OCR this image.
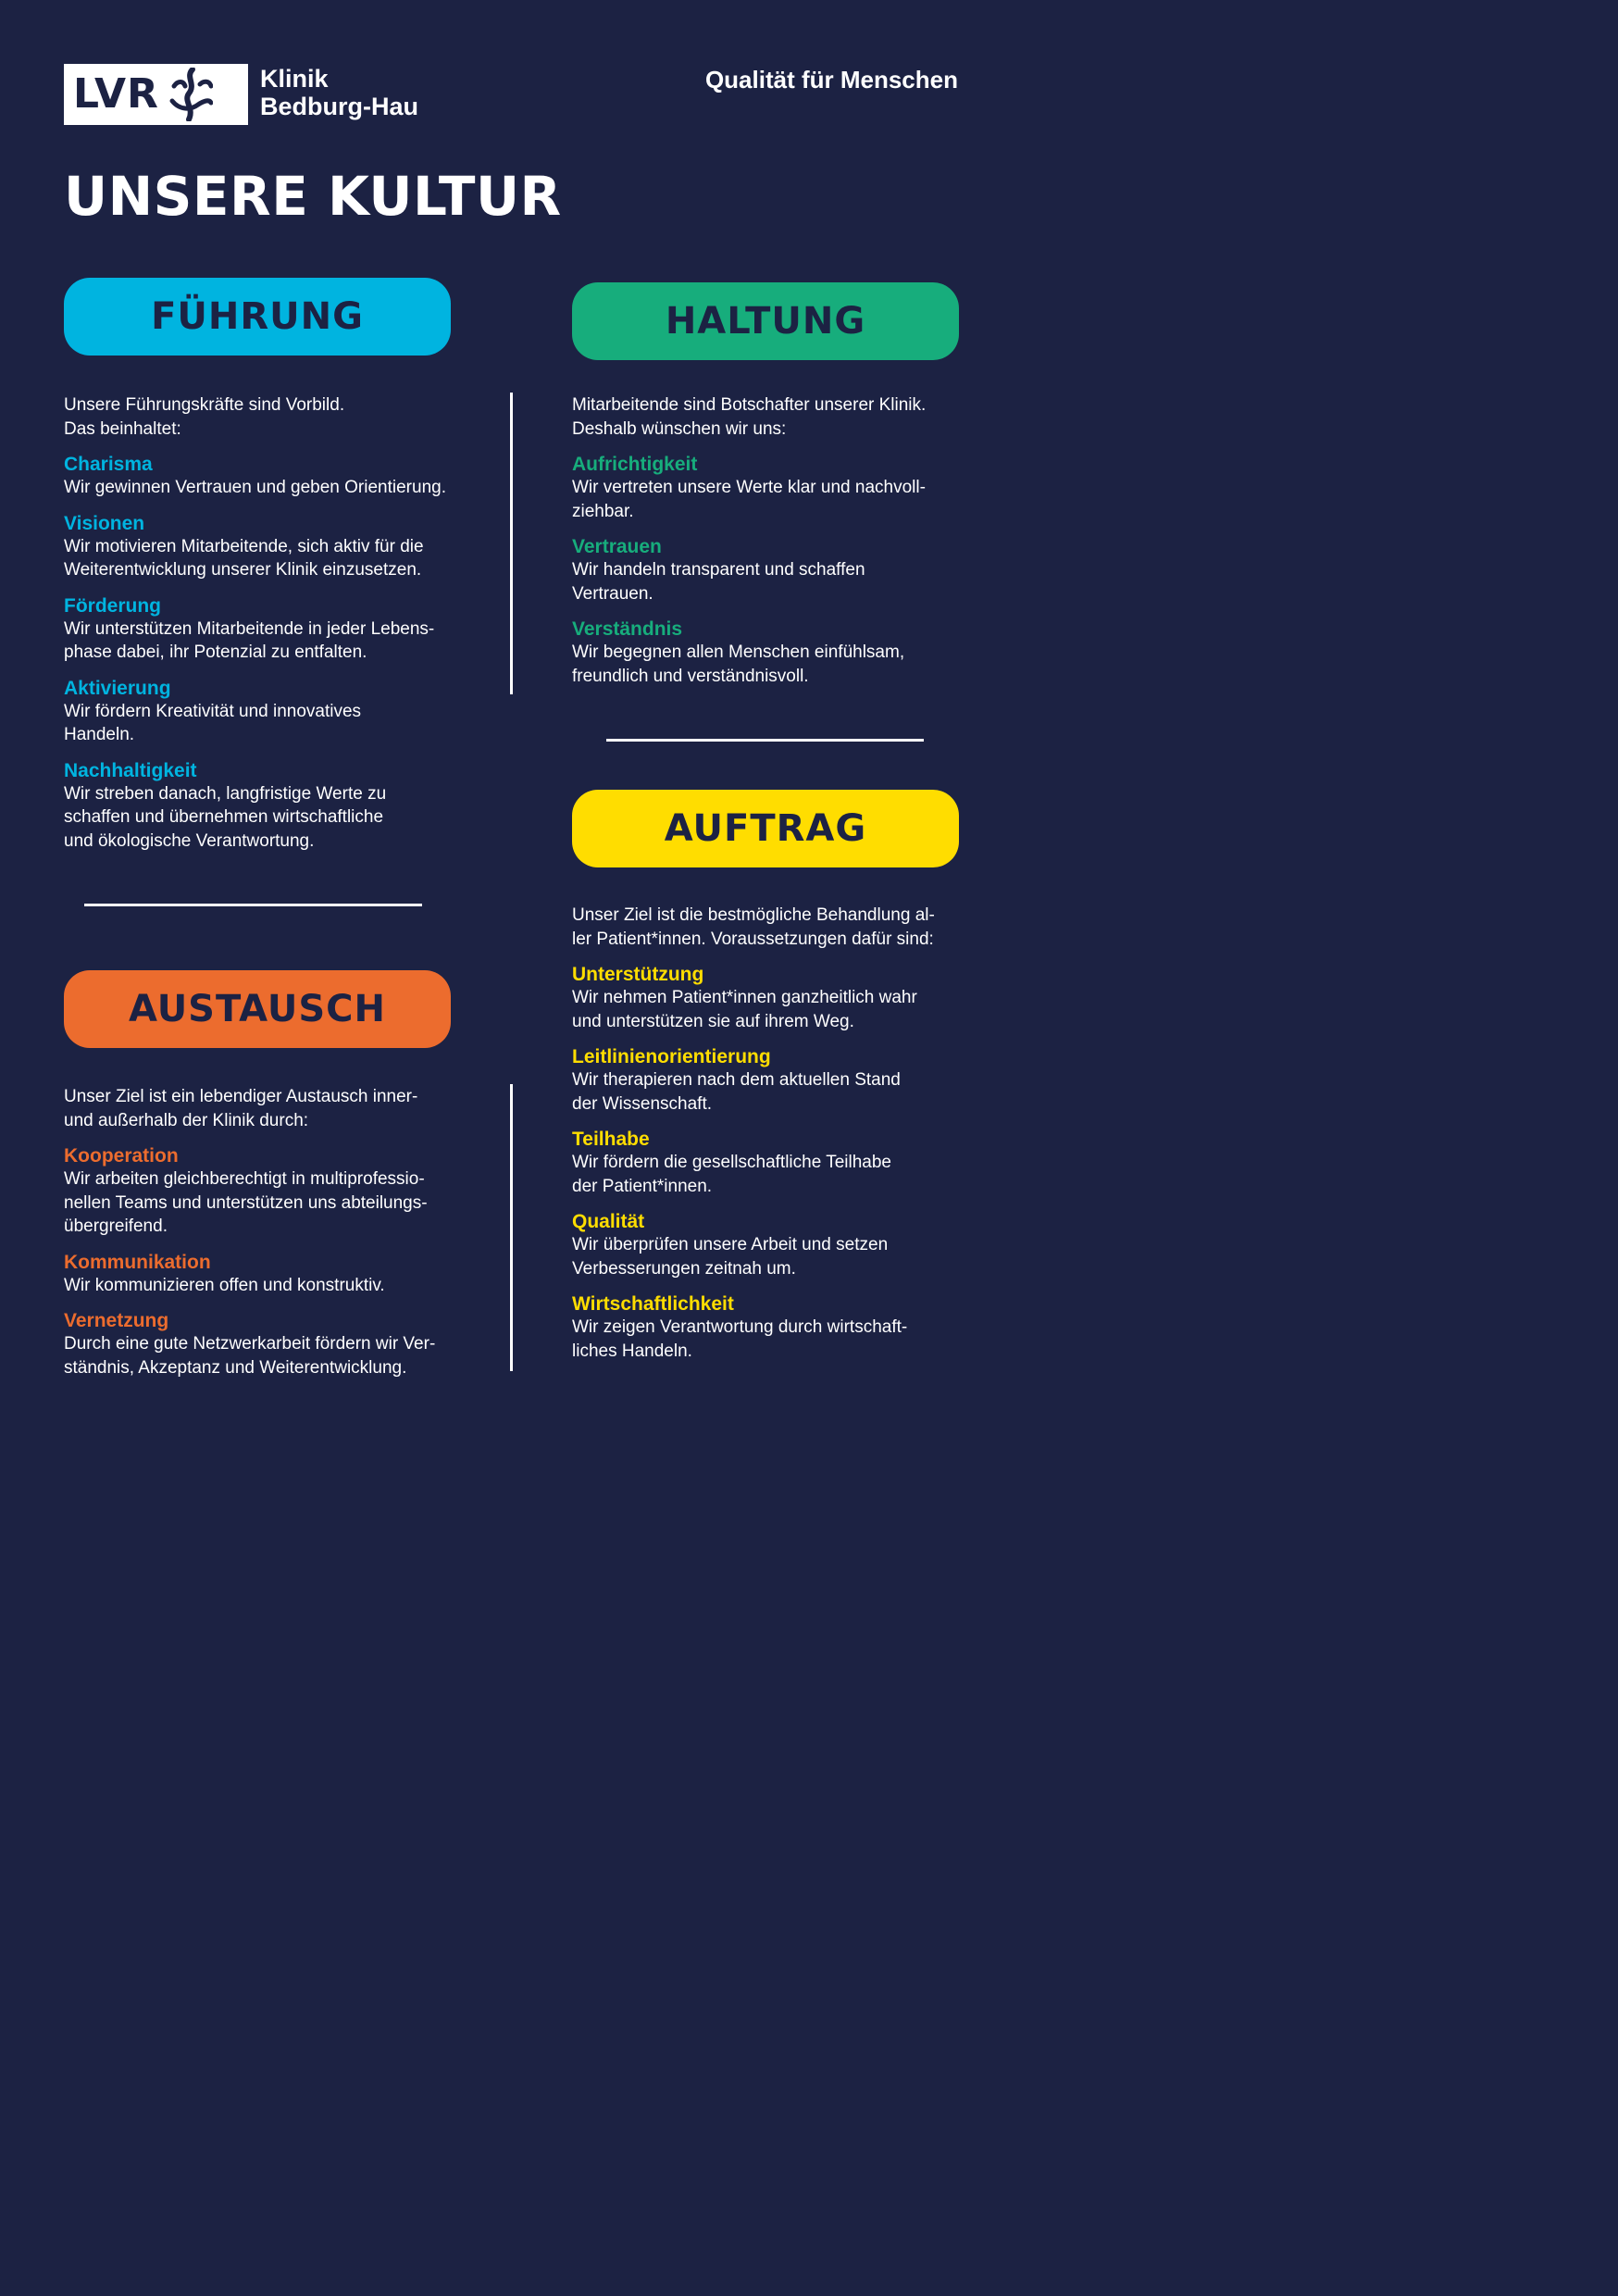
LVR	Klinik
Bedburg-Hau
Qualität für Menschen
UNSERE KULTUR
FÜHRUNG	HALTUNG
AUSTAUSCH
AUFTRAG
Unsere Führungskräfte sind Vorbild.
Das beinhaltet:
Charisma
Wir gewinnen Vertrauen und geben Orientierung.
Visionen
Wir motivieren Mitarbeitende, sich aktiv für die Weiterentwicklung unserer Klinik einzusetzen.
Förderung
Wir unterstützen Mitarbeitende in jeder Lebens-
phase dabei, ihr Potenzial zu entfalten.
Aktivierung
Wir fördern Kreativität und innovatives
Handeln.
Nachhaltigkeit
Wir streben danach, langfristige Werte zu
schaffen und übernehmen wirtschaftliche
und ökologische Verantwortung.
Mitarbeitende sind Botschafter unserer Klinik.
Deshalb wünschen wir uns:
Aufrichtigkeit
Wir vertreten unsere Werte klar und nachvoll-
ziehbar.
Vertrauen
Wir handeln transparent und schaffen
Vertrauen.
Verständnis
Wir begegnen allen Menschen einfühlsam,
freundlich und verständnisvoll.
Unser Ziel ist ein lebendiger Austausch inner-
und außerhalb der Klinik durch:
Kooperation
Wir arbeiten gleichberechtigt in multiprofessio-
nellen Teams und unterstützen uns abteilungs-
übergreifend.
Kommunikation
Wir kommunizieren offen und konstruktiv.
Vernetzung
Durch eine gute Netzwerkarbeit fördern wir Ver-
ständnis, Akzeptanz und Weiterentwicklung.
Unser Ziel ist die bestmögliche Behandlung al-
ler Patient*innen. Voraussetzungen dafür sind:
Unterstützung
Wir nehmen Patient*innen ganzheitlich wahr
und unterstützen sie auf ihrem Weg.
Leitlinienorientierung
Wir therapieren nach dem aktuellen Stand
der Wissenschaft.
Teilhabe
Wir fördern die gesellschaftliche Teilhabe
der Patient*innen.
Qualität
Wir überprüfen unsere Arbeit und setzen
Verbesserungen zeitnah um.
Wirtschaftlichkeit
Wir zeigen Verantwortung durch wirtschaft-
liches Handeln.
